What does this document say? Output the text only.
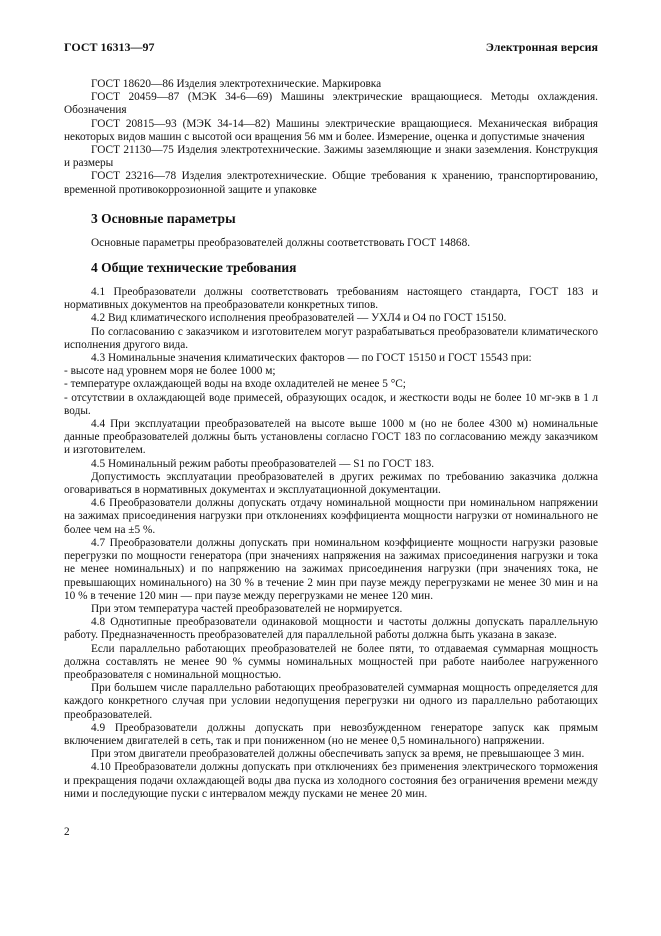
ГОСТ 16313—97	Электронная версия

ГОСТ 18620—86 Изделия электротехнические. Маркировка

ГОСТ 20459—87 (МЭК 34-6—69) Машины электрические вращающиеся. Методы охлаждения. Обозначения

ГОСТ 20815—93 (МЭК 34-14—82) Машины электрические вращающиеся. Механическая вибрация некоторых видов машин с высотой оси вращения 56 мм и более. Измерение, оценка и допустимые значения

ГОСТ 21130—75 Изделия электротехнические. Зажимы заземляющие и знаки заземления. Конструкция и размеры

ГОСТ 23216—78 Изделия электротехнические. Общие требования к хранению, транспортированию, временной противокоррозионной защите и упаковке

3 Основные параметры

Основные параметры преобразователей должны соответствовать ГОСТ 14868.

4 Общие технические требования

4.1 Преобразователи должны соответствовать требованиям настоящего стандарта, ГОСТ 183 и нормативных документов на преобразователи конкретных типов.

4.2 Вид климатического исполнения преобразователей — УХЛ4 и О4 по ГОСТ 15150.

По согласованию с заказчиком и изготовителем могут разрабатываться преобразователи климатического исполнения другого вида.

4.3 Номинальные значения климатических факторов — по ГОСТ 15150 и ГОСТ 15543 при:

- высоте над уровнем моря не более 1000 м;

- температуре охлаждающей воды на входе охладителей не менее 5 °С;

- отсутствии в охлаждающей воде примесей, образующих осадок, и жесткости воды не более 10 мг-экв в 1 л воды.

4.4 При эксплуатации преобразователей на высоте выше 1000 м (но не более 4300 м) номинальные данные преобразователей должны быть установлены согласно ГОСТ 183 по согласованию между заказчиком и изготовителем.

4.5 Номинальный режим работы преобразователей — S1 по ГОСТ 183.

Допустимость эксплуатации преобразователей в других режимах по требованию заказчика должна оговариваться в нормативных документах и эксплуатационной документации.

4.6 Преобразователи должны допускать отдачу номинальной мощности при номинальном напряжении на зажимах присоединения нагрузки при отклонениях коэффициента мощности нагрузки от номинального не более чем на ±5 %.

4.7 Преобразователи должны допускать при номинальном коэффициенте мощности нагрузки разовые перегрузки по мощности генератора (при значениях напряжения на зажимах присоединения нагрузки и тока не менее номинальных) и по напряжению на зажимах присоединения нагрузки (при значениях тока, не превышающих номинального) на 30 % в течение 2 мин при паузе между перегрузками не менее 30 мин и на 10 % в течение 120 мин — при паузе между перегрузками не менее 120 мин.

При этом температура частей преобразователей не нормируется.

4.8 Однотипные преобразователи одинаковой мощности и частоты должны допускать параллельную работу. Предназначенность преобразователей для параллельной работы должна быть указана в заказе.

Если параллельно работающих преобразователей не более пяти, то отдаваемая суммарная мощность должна составлять не менее 90 % суммы номинальных мощностей при работе наиболее нагруженного преобразователя с номинальной мощностью.

При большем числе параллельно работающих преобразователей суммарная мощность определяется для каждого конкретного случая при условии недопущения перегрузки ни одного из параллельно работающих преобразователей.

4.9 Преобразователи должны допускать при невозбужденном генераторе запуск как прямым включением двигателей в сеть, так и при пониженном (но не менее 0,5 номинального) напряжении.

При этом двигатели преобразователей должны обеспечивать запуск за время, не превышающее 3 мин.

4.10 Преобразователи должны допускать при отключениях без применения электрического торможения и прекращения подачи охлаждающей воды два пуска из холодного состояния без ограничения времени между ними и последующие пуски с интервалом между пусками не менее 20 мин.

2
